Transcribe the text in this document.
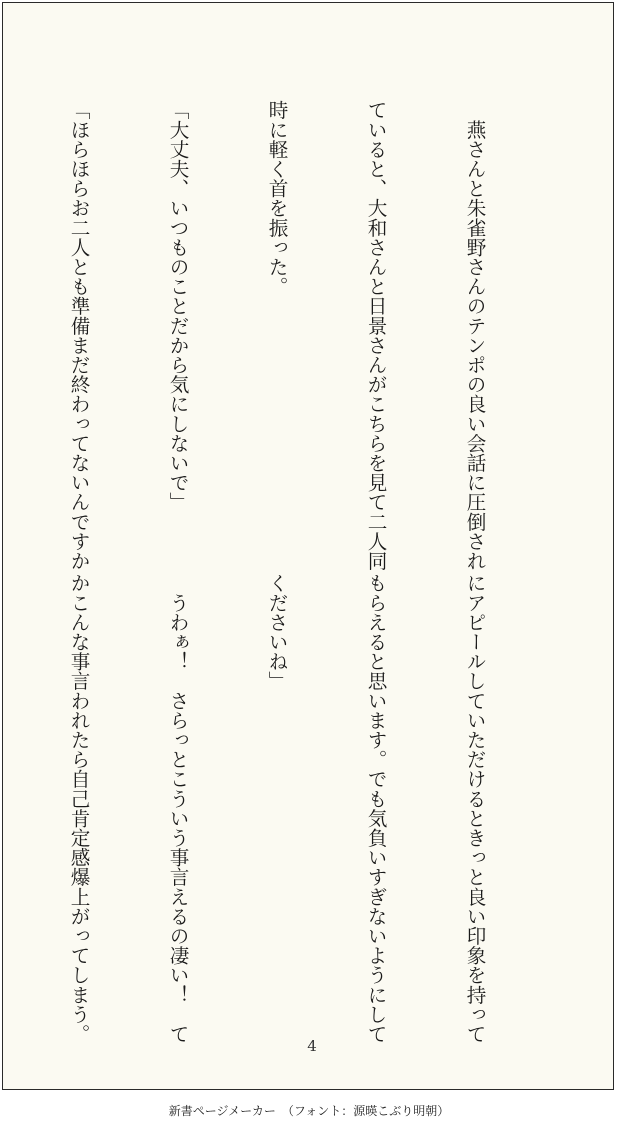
　燕さんと朱雀野さんのテンポの良い会話に圧倒され

ていると、大和さんと日景さんがこちらを見て二人同

時に軽く首を振った。

「大丈夫、いつものことだから気にしないで」

「ほらほらお二人とも準備まだ終わってないんですか

にアピールしていただけるときっと良い印象を持って

もらえると思います。でも気負いすぎないようにして

くださいね」

　うわぁ！　さらっとこういう事言えるの凄い！　て

かこんな事言われたら自己肯定感爆上がってしまう。

4
新書ページメーカー　（フォント：源暎こぶり明朝）
